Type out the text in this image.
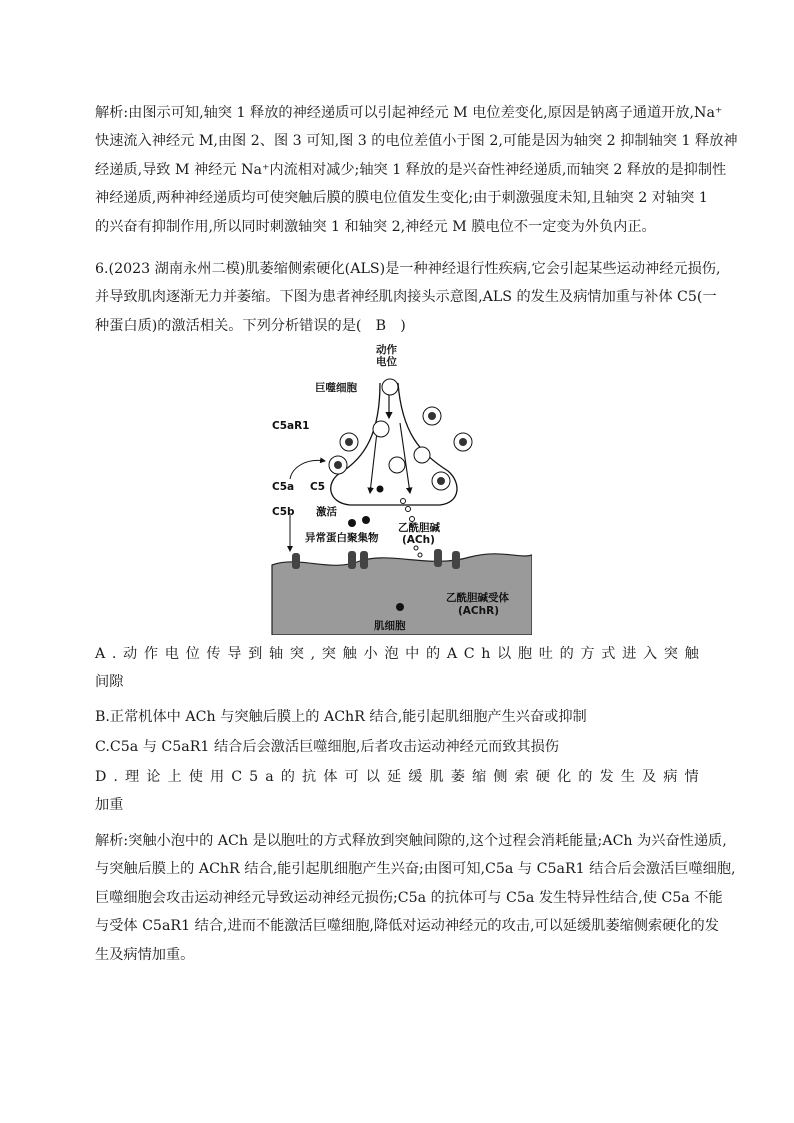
解析:由图示可知,轴突 1 释放的神经递质可以引起神经元 M 电位差变化,原因是钠离子通道开放,Na⁺
快速流入神经元 M,由图 2、图 3 可知,图 3 的电位差值小于图 2,可能是因为轴突 2 抑制轴突 1 释放神
经递质,导致 M 神经元 Na⁺内流相对减少;轴突 1 释放的是兴奋性神经递质,而轴突 2 释放的是抑制性
神经递质,两种神经递质均可使突触后膜的膜电位值发生变化;由于刺激强度未知,且轴突 2 对轴突 1
的兴奋有抑制作用,所以同时刺激轴突 1 和轴突 2,神经元 M 膜电位不一定变为外负内正。
6.(2023 湖南永州二模)肌萎缩侧索硬化(ALS)是一种神经退行性疾病,它会引起某些运动神经元损伤,
并导致肌肉逐渐无力并萎缩。下图为患者神经肌肉接头示意图,ALS 的发生及病情加重与补体 C5(一
种蛋白质)的激活相关。下列分析错误的是(　B　)
动作
电位
巨噬细胞
C5aR1
C5a C5
C5b 激活
乙酰胆碱
(ACh)
异常蛋白聚集物
乙酰胆碱受体
(AChR)
肌细胞
A . 动 作 电 位 传 导 到 轴 突 , 突 触 小 泡 中 的 A C h 以 胞 吐 的 方 式 进 入 突 触
间隙
B.正常机体中 ACh 与突触后膜上的 AChR 结合,能引起肌细胞产生兴奋或抑制
C.C5a 与 C5aR1 结合后会激活巨噬细胞,后者攻击运动神经元而致其损伤
D . 理 论 上 使 用 C 5 a 的 抗 体 可 以 延 缓 肌 萎 缩 侧 索 硬 化 的 发 生 及 病 情
加重
解析:突触小泡中的 ACh 是以胞吐的方式释放到突触间隙的,这个过程会消耗能量;ACh 为兴奋性递质,
与突触后膜上的 AChR 结合,能引起肌细胞产生兴奋;由图可知,C5a 与 C5aR1 结合后会激活巨噬细胞,
巨噬细胞会攻击运动神经元导致运动神经元损伤;C5a 的抗体可与 C5a 发生特异性结合,使 C5a 不能
与受体 C5aR1 结合,进而不能激活巨噬细胞,降低对运动神经元的攻击,可以延缓肌萎缩侧索硬化的发
生及病情加重。
